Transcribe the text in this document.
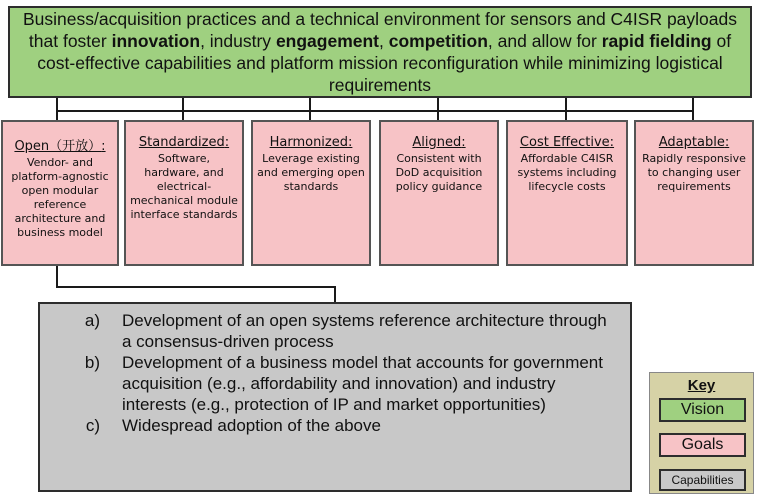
Business/acquisition practices and a technical environment for sensors and C4ISR payloads that foster innovation, industry engagement, competition, and allow for rapid fielding of cost-effective capabilities and platform mission reconfiguration while minimizing logistical requirements
Open（开放）:
Vendor- and platform-agnostic open modular reference architecture and business model
Standardized:
Software, hardware, and electrical-mechanical module interface standards
Harmonized:
Leverage existing and emerging open standards
Aligned:
Consistent with DoD acquisition policy guidance
Cost Effective:
Affordable C4ISR systems including lifecycle costs
Adaptable:
Rapidly responsive to changing user requirements
a)	Development of an open systems reference architecture through a consensus-driven process
b)	Development of a business model that accounts for government acquisition (e.g., affordability and innovation) and industry interests (e.g., protection of IP and market opportunities)
c)	Widespread adoption of the above
Key
Vision
Goals
Capabilities
